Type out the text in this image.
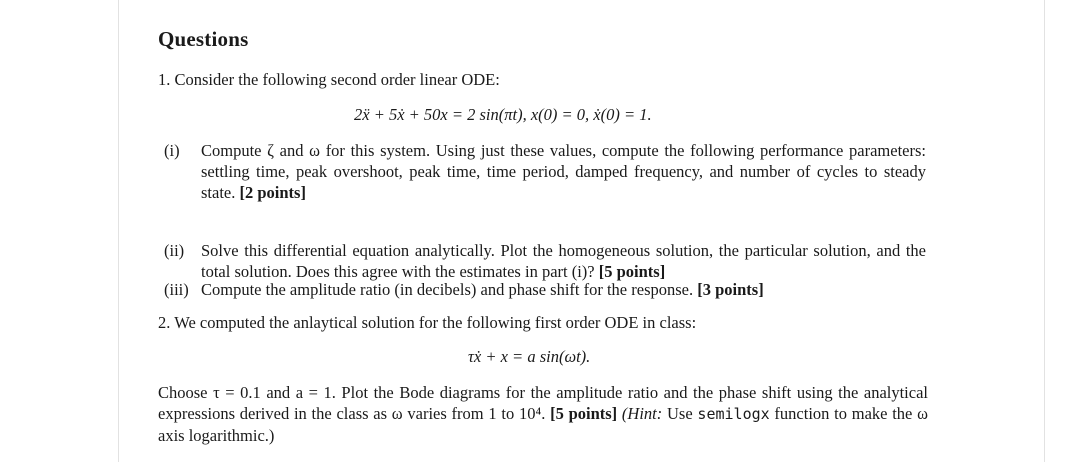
Questions
1. Consider the following second order linear ODE:
2ẍ + 5ẋ + 50x = 2 sin(πt), x(0) = 0, ẋ(0) = 1.
(i)	Compute ζ and ω for this system. Using just these values, compute the following performance parameters: settling time, peak overshoot, peak time, time period, damped frequency, and number of cycles to steady state. [2 points]
(ii)	Solve this differential equation analytically. Plot the homogeneous solution, the particular solution, and the total solution. Does this agree with the estimates in part (i)? [5 points]
(iii) Compute the amplitude ratio (in decibels) and phase shift for the response. [3 points]
2. We computed the anlaytical solution for the following first order ODE in class:
τẋ + x = a sin(ωt).
Choose τ = 0.1 and a = 1. Plot the Bode diagrams for the amplitude ratio and the phase shift using the analytical expressions derived in the class as ω varies from 1 to 10⁴. [5 points] (Hint: Use semilogx function to make the ω axis logarithmic.)
